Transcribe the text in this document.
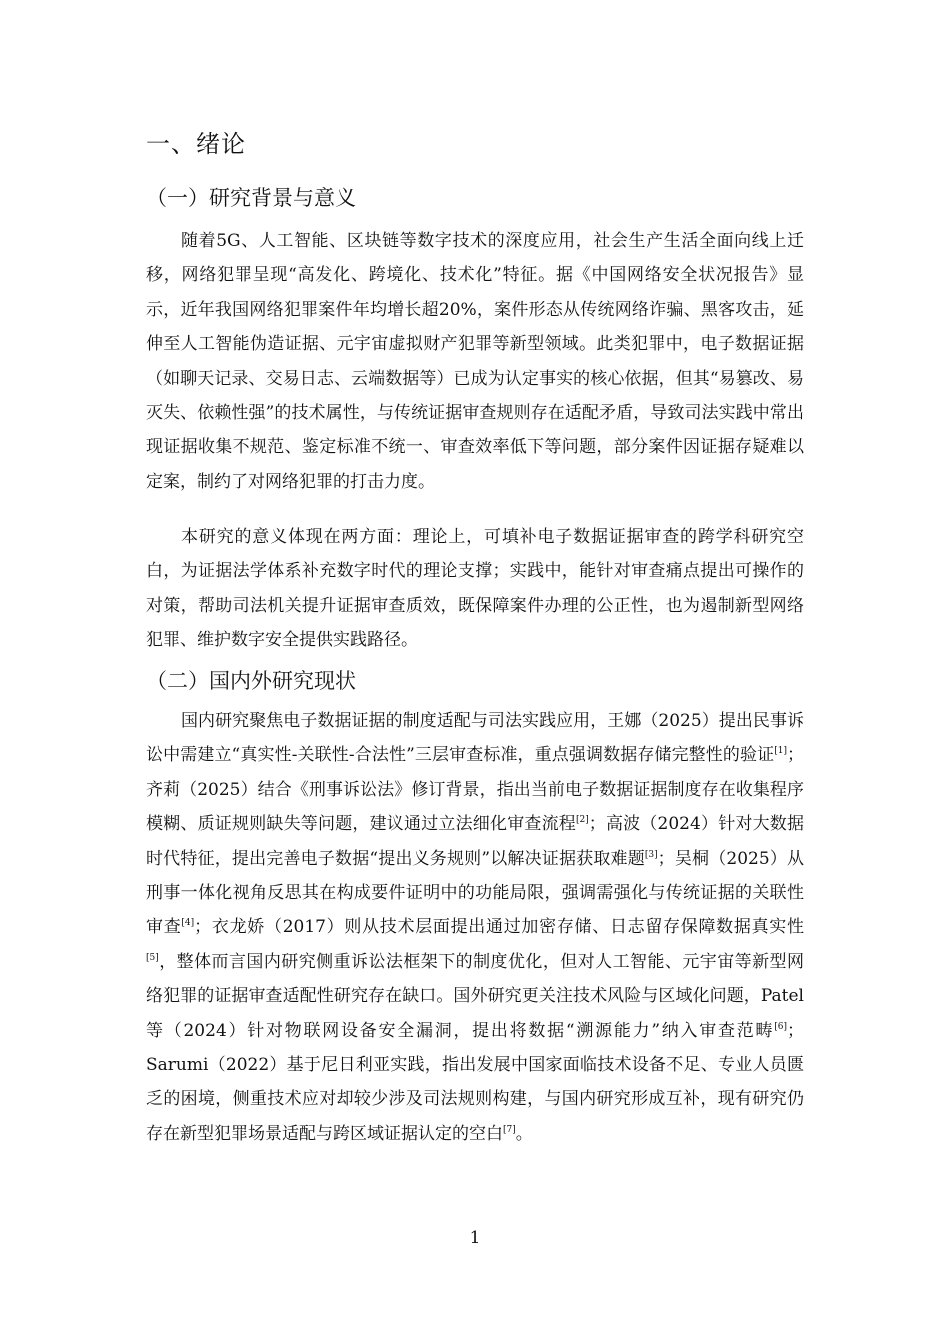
一、绪论
（一）研究背景与意义

随着5G、人工智能、区块链等数字技术的深度应用，社会生产生活全面向线上迁移，网络犯罪呈现“高发化、跨境化、技术化”特征。据《中国网络安全状况报告》显示，近年我国网络犯罪案件年均增长超20%，案件形态从传统网络诈骗、黑客攻击，延伸至人工智能伪造证据、元宇宙虚拟财产犯罪等新型领域。此类犯罪中，电子数据证据（如聊天记录、交易日志、云端数据等）已成为认定事实的核心依据，但其“易篡改、易灭失、依赖性强”的技术属性，与传统证据审查规则存在适配矛盾，导致司法实践中常出现证据收集不规范、鉴定标准不统一、审查效率低下等问题，部分案件因证据存疑难以定案，制约了对网络犯罪的打击力度。

本研究的意义体现在两方面：理论上，可填补电子数据证据审查的跨学科研究空白，为证据法学体系补充数字时代的理论支撑；实践中，能针对审查痛点提出可操作的对策，帮助司法机关提升证据审查质效，既保障案件办理的公正性，也为遏制新型网络犯罪、维护数字安全提供实践路径。

（二）国内外研究现状

国内研究聚焦电子数据证据的制度适配与司法实践应用，王娜（2025）提出民事诉讼中需建立“真实性-关联性-合法性”三层审查标准，重点强调数据存储完整性的验证[1]；齐莉（2025）结合《刑事诉讼法》修订背景，指出当前电子数据证据制度存在收集程序模糊、质证规则缺失等问题，建议通过立法细化审查流程[2]；高波（2024）针对大数据时代特征，提出完善电子数据“提出义务规则”以解决证据获取难题[3]；吴桐（2025）从刑事一体化视角反思其在构成要件证明中的功能局限，强调需强化与传统证据的关联性审查[4]；衣龙娇（2017）则从技术层面提出通过加密存储、日志留存保障数据真实性[5]，整体而言国内研究侧重诉讼法框架下的制度优化，但对人工智能、元宇宙等新型网络犯罪的证据审查适配性研究存在缺口。国外研究更关注技术风险与区域化问题，Patel等（2024）针对物联网设备安全漏洞，提出将数据“溯源能力”纳入审查范畴[6]；Sarumi（2022）基于尼日利亚实践，指出发展中国家面临技术设备不足、专业人员匮乏的困境，侧重技术应对却较少涉及司法规则构建，与国内研究形成互补，现有研究仍存在新型犯罪场景适配与跨区域证据认定的空白[7]。

1
